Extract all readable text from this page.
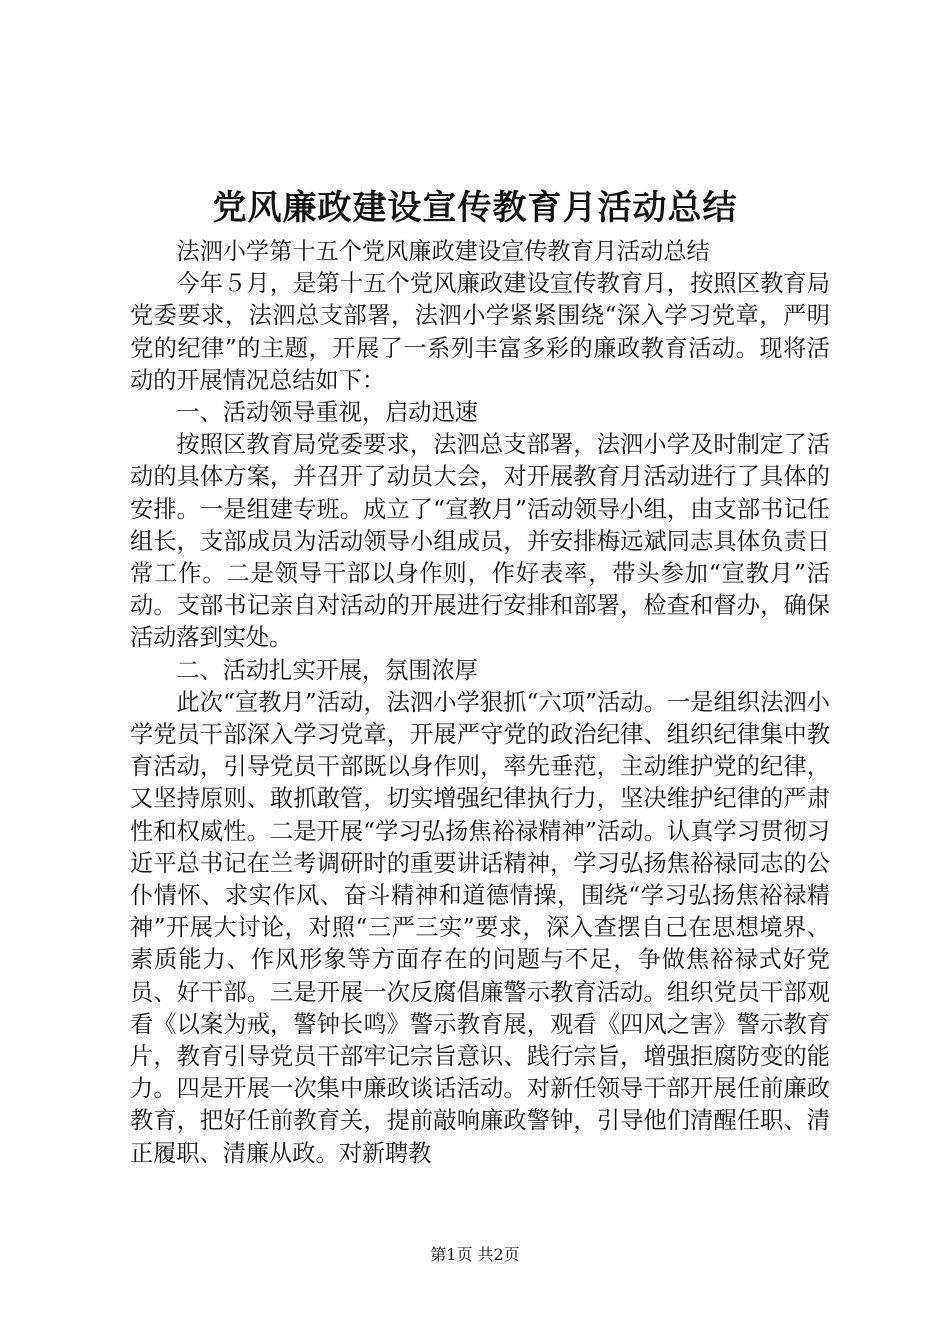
党风廉政建设宣传教育月活动总结

法泗小学第十五个党风廉政建设宣传教育月活动总结

今年５月，是第十五个党风廉政建设宣传教育月，按照区教育局党委要求，法泗总支部署，法泗小学紧紧围绕“深入学习党章，严明党的纪律”的主题，开展了一系列丰富多彩的廉政教育活动。现将活动的开展情况总结如下：

一、活动领导重视，启动迅速

按照区教育局党委要求，法泗总支部署，法泗小学及时制定了活动的具体方案，并召开了动员大会，对开展教育月活动进行了具体的安排。一是组建专班。成立了“宣教月”活动领导小组，由支部书记任组长，支部成员为活动领导小组成员，并安排梅远斌同志具体负责日常工作。二是领导干部以身作则，作好表率，带头参加“宣教月”活动。支部书记亲自对活动的开展进行安排和部署，检查和督办，确保活动落到实处。

二、活动扎实开展，氛围浓厚

此次“宣教月”活动，法泗小学狠抓“六项”活动。一是组织法泗小学党员干部深入学习党章，开展严守党的政治纪律、组织纪律集中教育活动，引导党员干部既以身作则，率先垂范，主动维护党的纪律，又坚持原则、敢抓敢管，切实增强纪律执行力，坚决维护纪律的严肃性和权威性。二是开展“学习弘扬焦裕禄精神”活动。认真学习贯彻习近平总书记在兰考调研时的重要讲话精神，学习弘扬焦裕禄同志的公仆情怀、求实作风、奋斗精神和道德情操，围绕“学习弘扬焦裕禄精神”开展大讨论，对照“三严三实”要求，深入查摆自己在思想境界、素质能力、作风形象等方面存在的问题与不足，争做焦裕禄式好党员、好干部。三是开展一次反腐倡廉警示教育活动。组织党员干部观看《以案为戒，警钟长鸣》警示教育展，观看《四风之害》警示教育片，教育引导党员干部牢记宗旨意识、践行宗旨，增强拒腐防变的能力。四是开展一次集中廉政谈话活动。对新任领导干部开展任前廉政教育，把好任前教育关，提前敲响廉政警钟，引导他们清醒任职、清正履职、清廉从政。对新聘教

第1页 共2页
